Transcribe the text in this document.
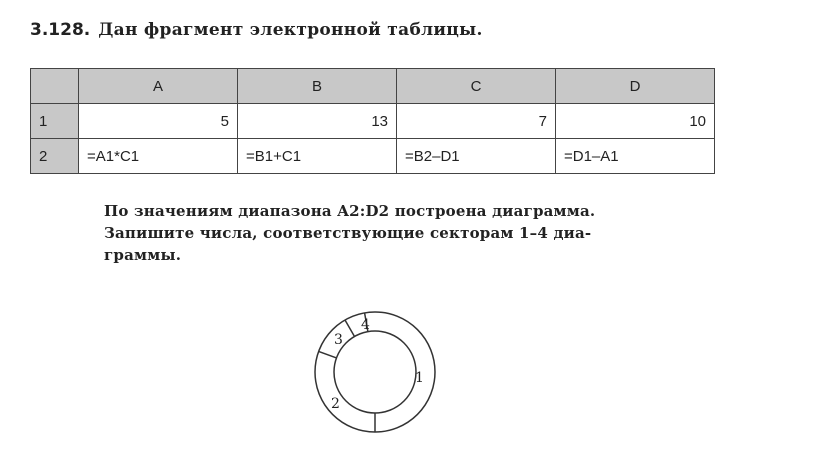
3.128. Дан фрагмент электронной таблицы.
	A	B	C	D
1	5	13	7	10
2	=A1*C1	=B1+C1	=B2–D1	=D1–A1
По значениям диапазона A2:D2 построена диаграмма.
Запишите числа, соответствующие секторам 1–4 диа-
граммы.
1
2
3
4
